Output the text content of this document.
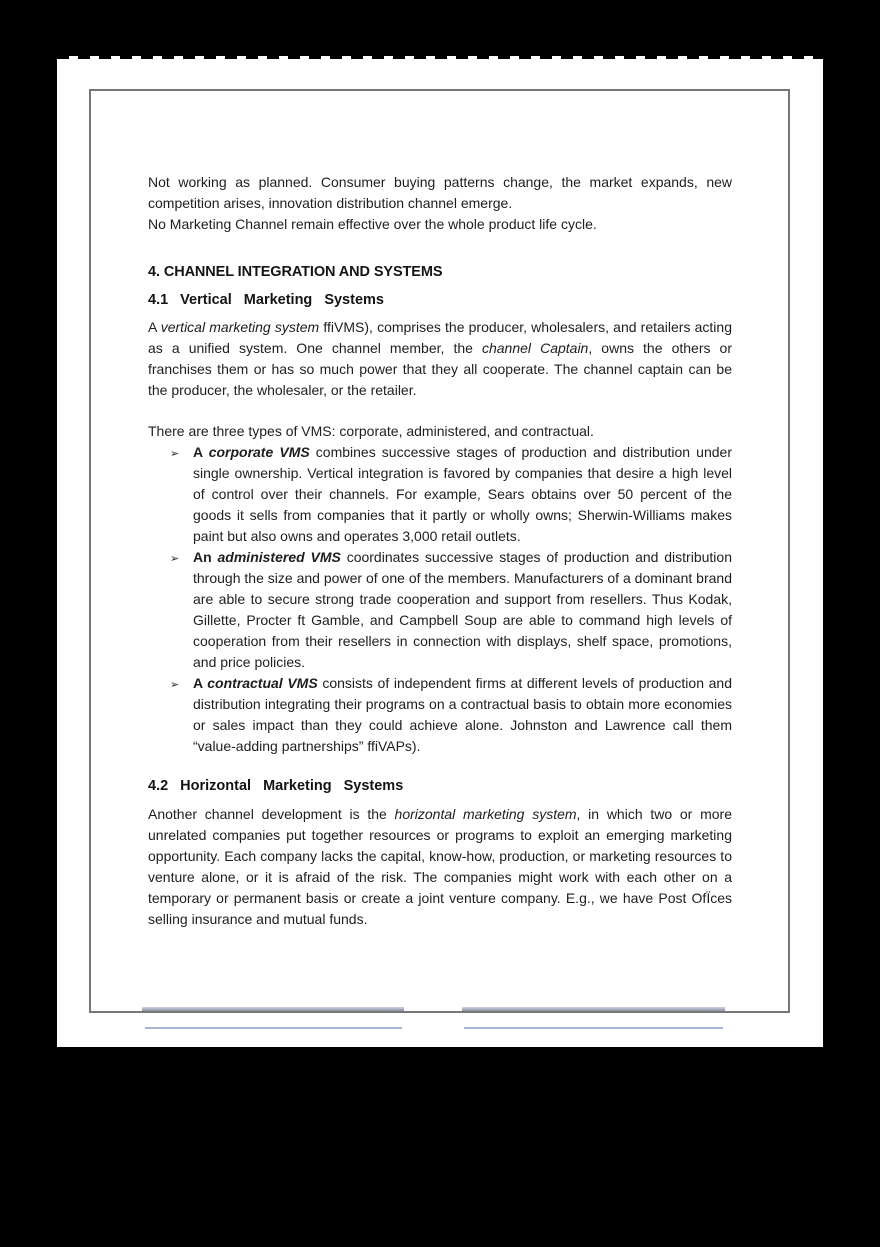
Not working as planned. Consumer buying patterns change, the market expands, new competition arises, innovation distribution channel emerge.

No Marketing Channel remain effective over the whole product life cycle.

4. CHANNEL INTEGRATION AND SYSTEMS

4.1 Vertical Marketing Systems

A vertical marketing system ffiVMS), comprises the producer, wholesalers, and retailers acting as a unified system. One channel member, the channel Captain, owns the others or franchises them or has so much power that they all cooperate. The channel captain can be the producer, the wholesaler, or the retailer.

There are three types of VMS: corporate, administered, and contractual.

➢ A corporate VMS combines successive stages of production and distribution under single ownership. Vertical integration is favored by companies that desire a high level of control over their channels. For example, Sears obtains over 50 percent of the goods it sells from companies that it partly or wholly owns; Sherwin-Williams makes paint but also owns and operates 3,000 retail outlets.
➢ An administered VMS coordinates successive stages of production and distribution through the size and power of one of the members. Manufacturers of a dominant brand are able to secure strong trade cooperation and support from resellers. Thus Kodak, Gillette, Procter ft Gamble, and Campbell Soup are able to command high levels of cooperation from their resellers in connection with displays, shelf space, promotions, and price policies.
➢ A contractual VMS consists of independent firms at different levels of production and distribution integrating their programs on a contractual basis to obtain more economies or sales impact than they could achieve alone. Johnston and Lawrence call them “value-adding partnerships” ffiVAPs).

4.2 Horizontal Marketing Systems

Another channel development is the horizontal marketing system, in which two or more unrelated companies put together resources or programs to exploit an emerging marketing opportunity. Each company lacks the capital, know-how, production, or marketing resources to venture alone, or it is afraid of the risk. The companies might work with each other on a temporary or permanent basis or create a joint venture company. E.g., we have Post OfÏces selling insurance and mutual funds.
